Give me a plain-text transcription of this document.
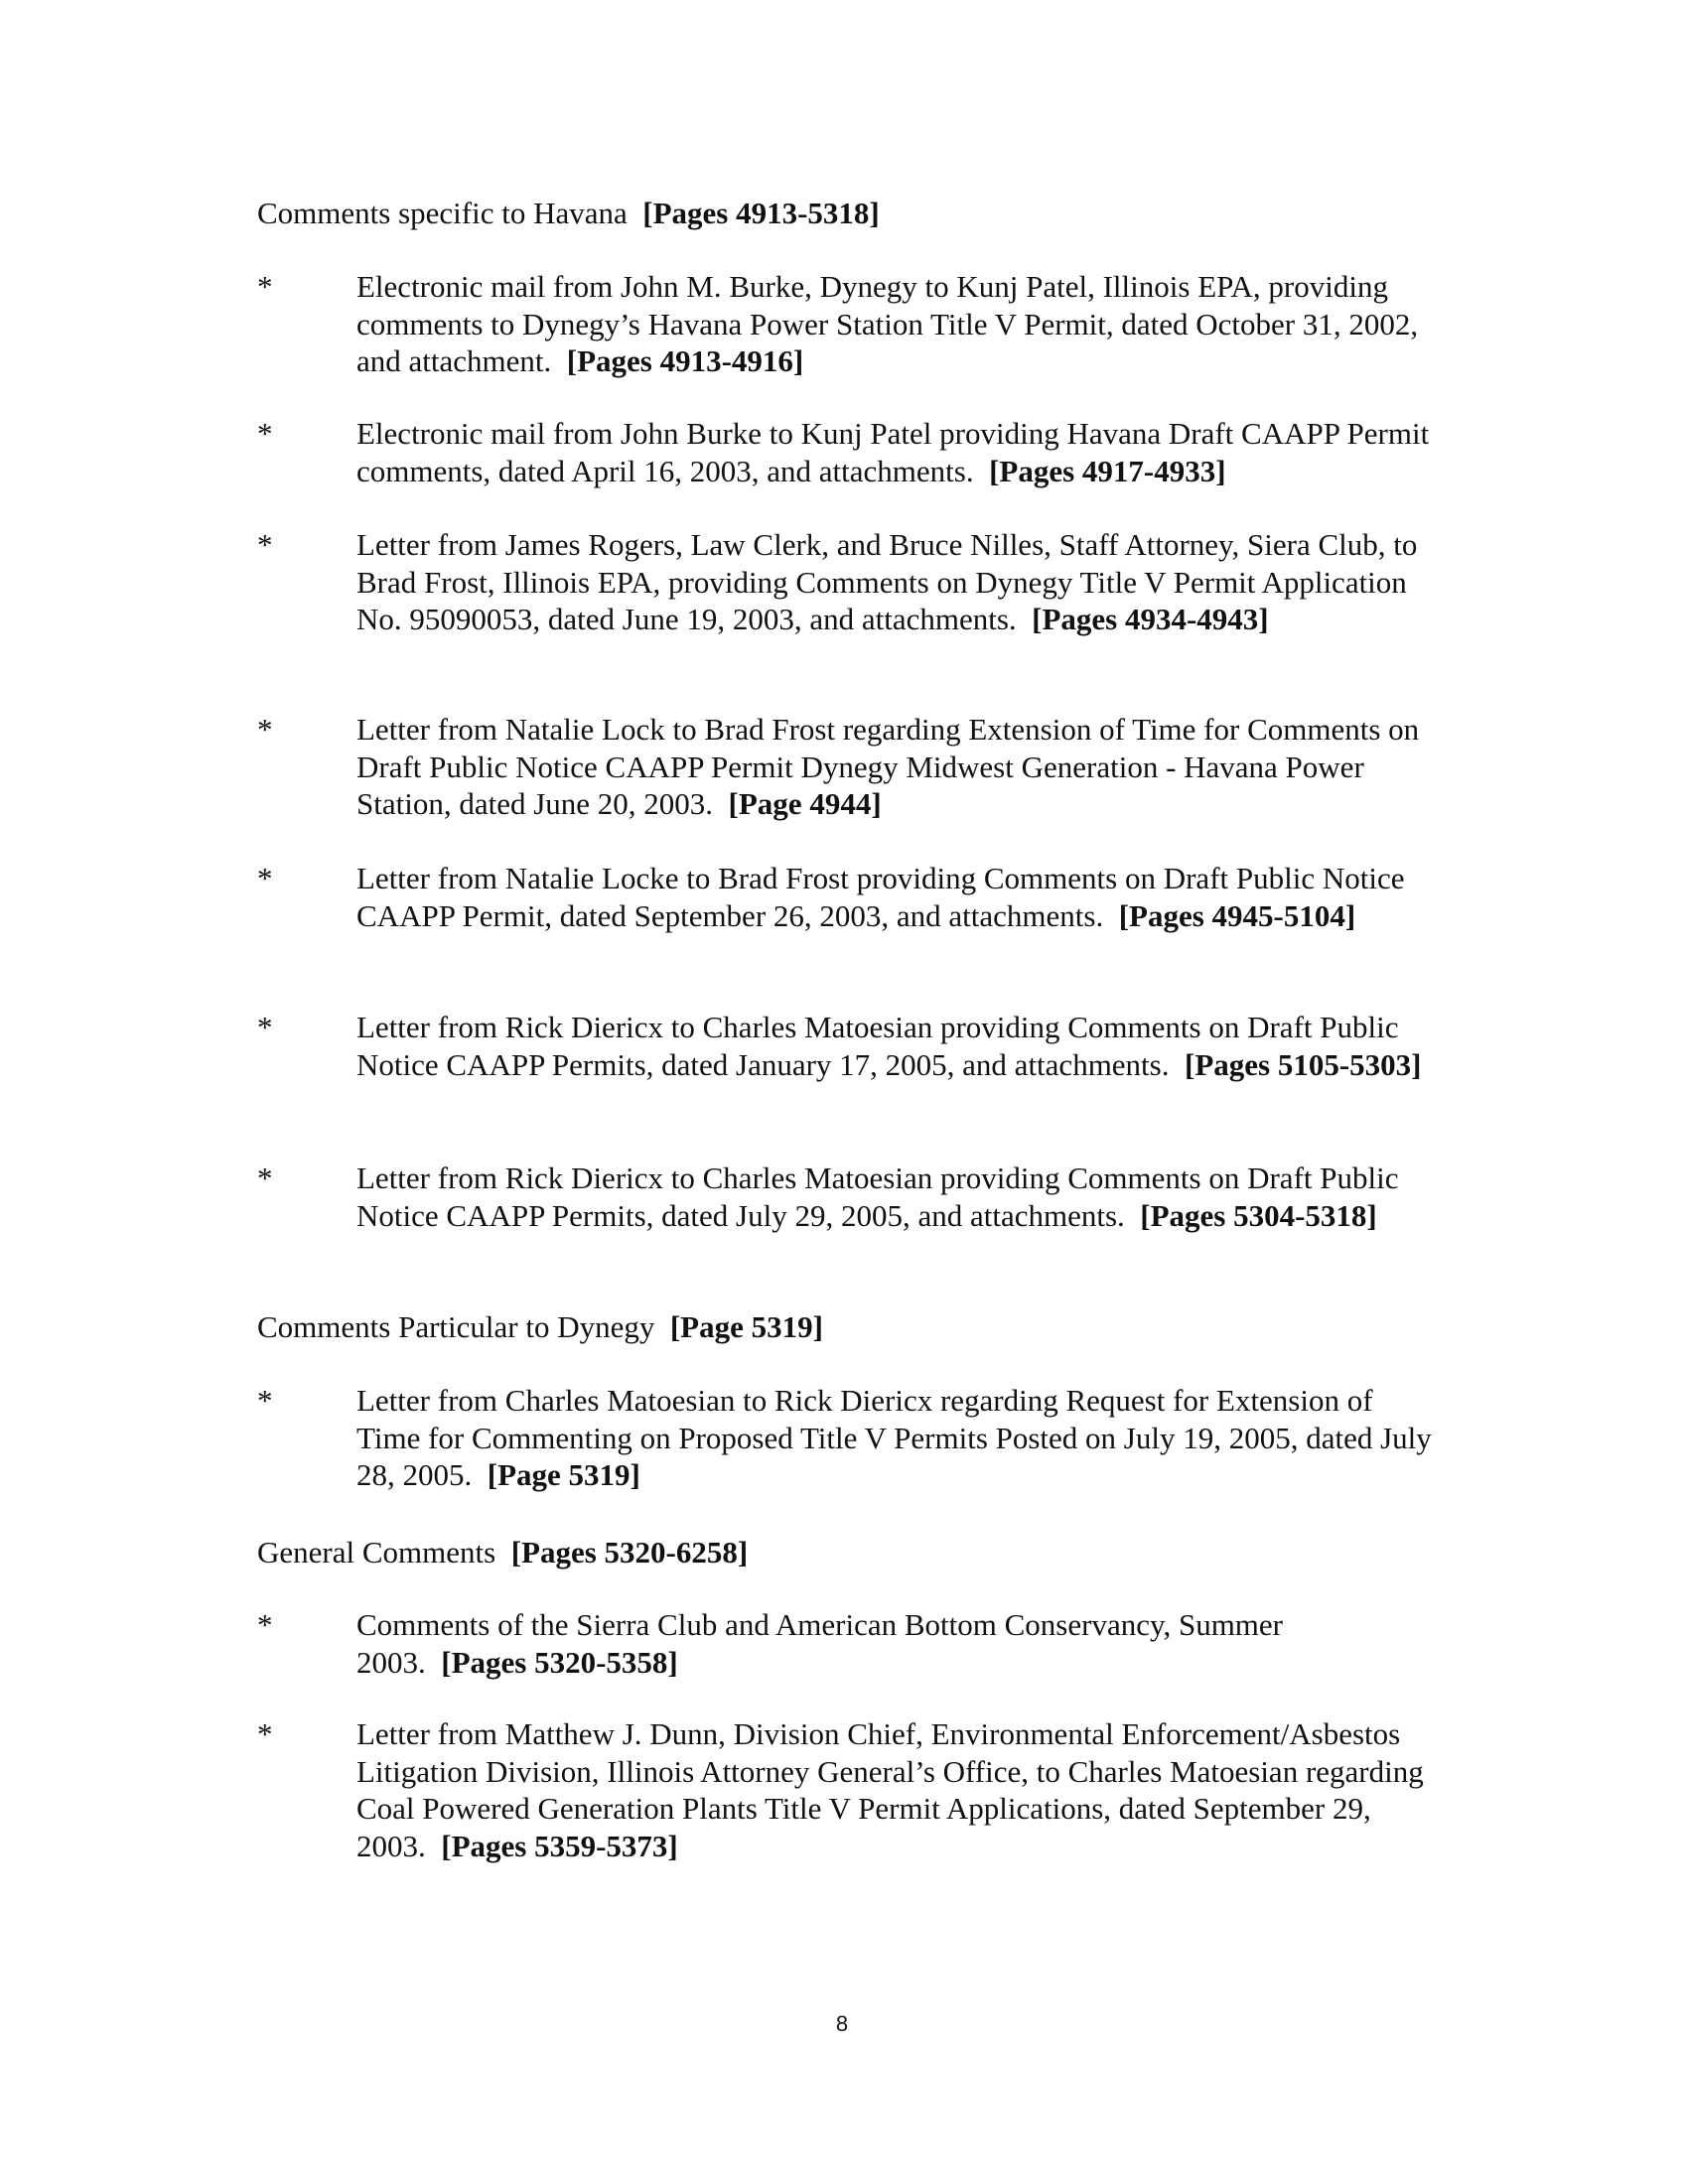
Comments specific to Havana [Pages 4913-5318]
*	Electronic mail from John M. Burke, Dynegy to Kunj Patel, Illinois EPA, providing comments to Dynegy’s Havana Power Station Title V Permit, dated October 31, 2002, and attachment. [Pages 4913-4916]
*	Electronic mail from John Burke to Kunj Patel providing Havana Draft CAAPP Permit comments, dated April 16, 2003, and attachments. [Pages 4917-4933]
*	Letter from James Rogers, Law Clerk, and Bruce Nilles, Staff Attorney, Siera Club, to Brad Frost, Illinois EPA, providing Comments on Dynegy Title V Permit Application No. 95090053, dated June 19, 2003, and attachments. [Pages 4934-4943]
*	Letter from Natalie Lock to Brad Frost regarding Extension of Time for Comments on Draft Public Notice CAAPP Permit Dynegy Midwest Generation - Havana Power Station, dated June 20, 2003. [Page 4944]
*	Letter from Natalie Locke to Brad Frost providing Comments on Draft Public Notice CAAPP Permit, dated September 26, 2003, and attachments. [Pages 4945-5104]
*	Letter from Rick Diericx to Charles Matoesian providing Comments on Draft Public Notice CAAPP Permits, dated January 17, 2005, and attachments. [Pages 5105-5303]
*	Letter from Rick Diericx to Charles Matoesian providing Comments on Draft Public Notice CAAPP Permits, dated July 29, 2005, and attachments. [Pages 5304-5318]
Comments Particular to Dynegy [Page 5319]
*	Letter from Charles Matoesian to Rick Diericx regarding Request for Extension of Time for Commenting on Proposed Title V Permits Posted on July 19, 2005, dated July 28, 2005. [Page 5319]
General Comments [Pages 5320-6258]
*	Comments of the Sierra Club and American Bottom Conservancy, Summer 2003. [Pages 5320-5358]
*	Letter from Matthew J. Dunn, Division Chief, Environmental Enforcement/Asbestos Litigation Division, Illinois Attorney General’s Office, to Charles Matoesian regarding Coal Powered Generation Plants Title V Permit Applications, dated September 29, 2003. [Pages 5359-5373]
8
